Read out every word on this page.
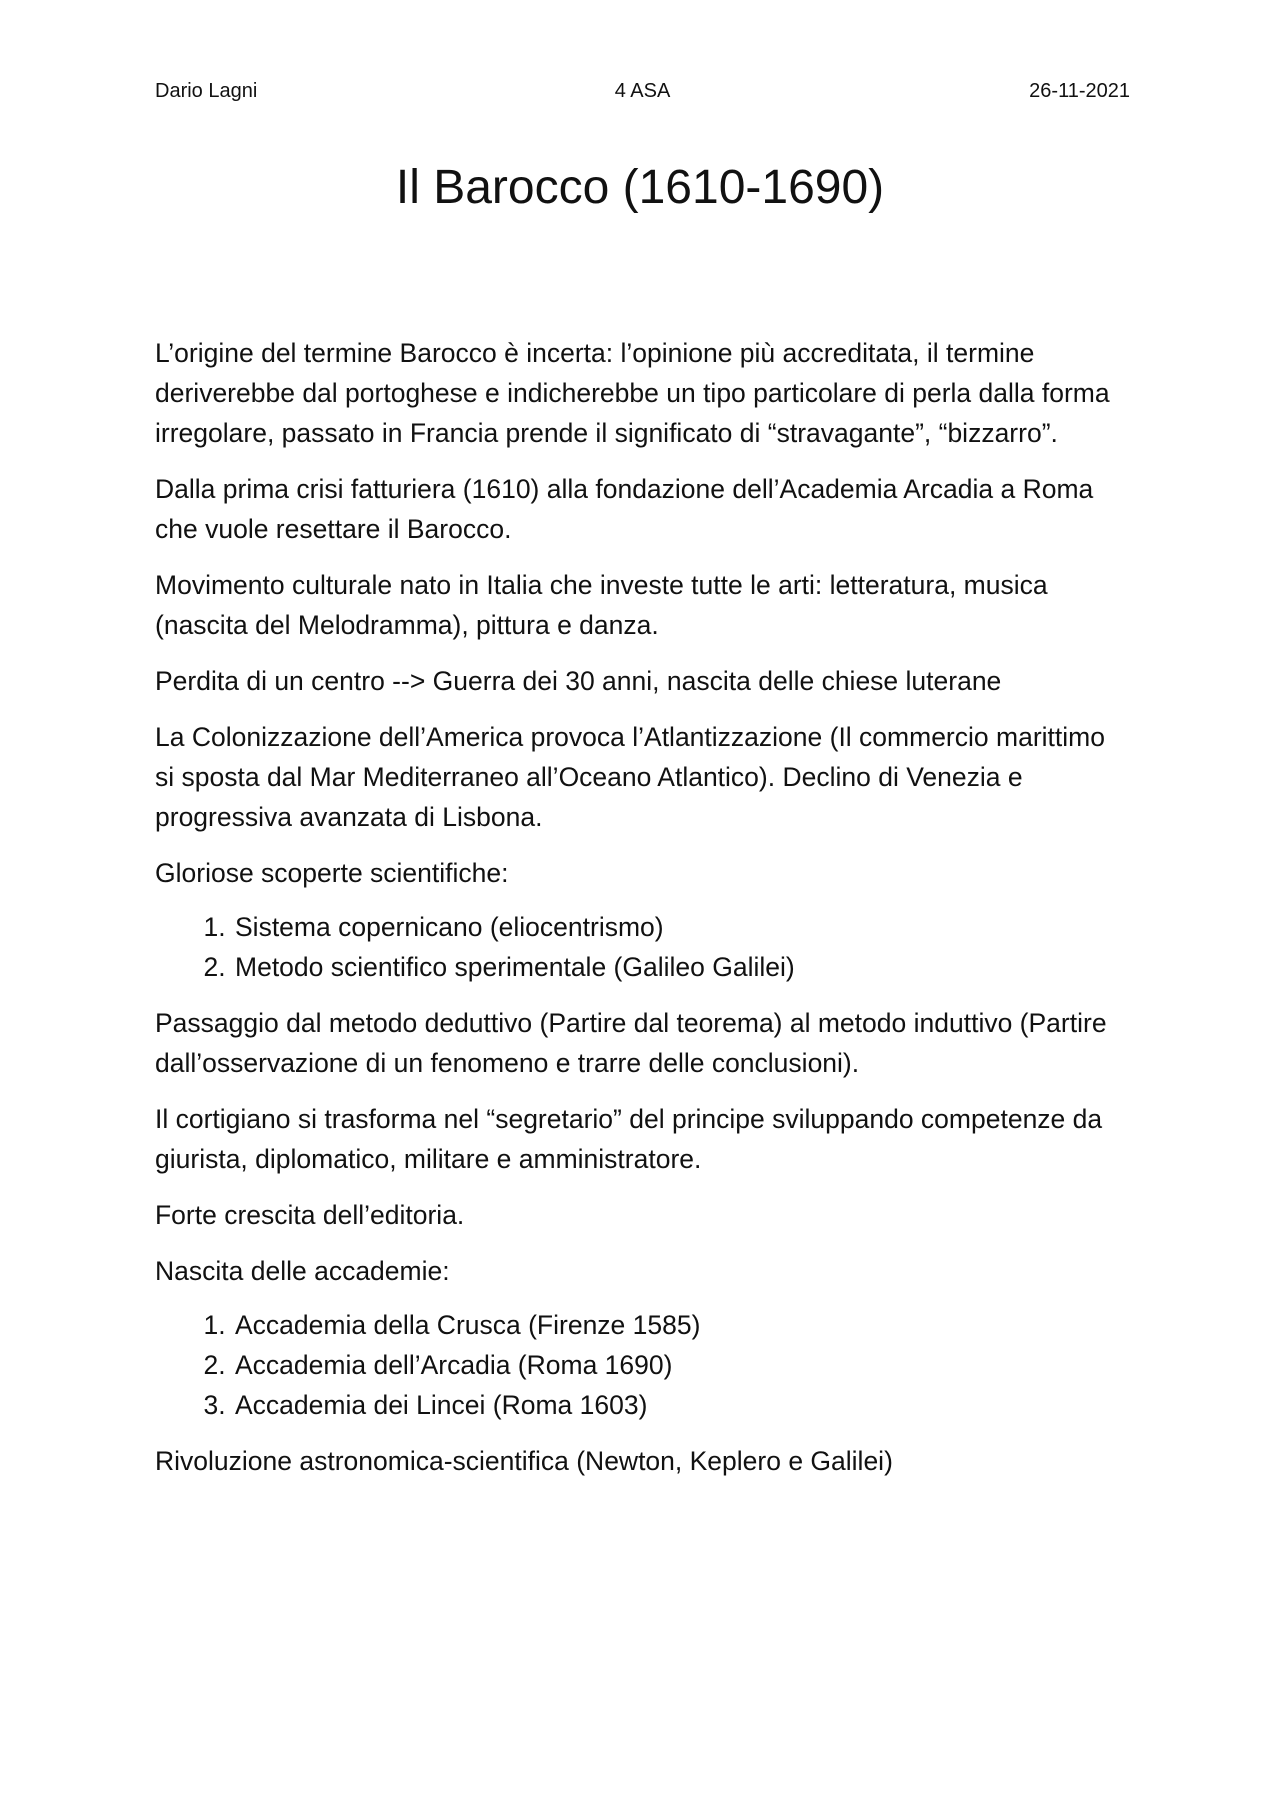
Dario Lagni	4 ASA	26-11-2021
Il Barocco (1610-1690)

L’origine del termine Barocco è incerta: l’opinione più accreditata, il termine deriverebbe dal portoghese e indicherebbe un tipo particolare di perla dalla forma irregolare, passato in Francia prende il significato di “stravagante”, “bizzarro”.

Dalla prima crisi fatturiera (1610) alla fondazione dell’Academia Arcadia a Roma che vuole resettare il Barocco.

Movimento culturale nato in Italia che investe tutte le arti: letteratura, musica (nascita del Melodramma), pittura e danza.

Perdita di un centro --> Guerra dei 30 anni, nascita delle chiese luterane

La Colonizzazione dell’America provoca l’Atlantizzazione (Il commercio marittimo si sposta dal Mar Mediterraneo all’Oceano Atlantico). Declino di Venezia e progressiva avanzata di Lisbona.

Gloriose scoperte scientifiche:

1. Sistema copernicano (eliocentrismo)
2. Metodo scientifico sperimentale (Galileo Galilei)

Passaggio dal metodo deduttivo (Partire dal teorema) al metodo induttivo (Partire dall’osservazione di un fenomeno e trarre delle conclusioni).

Il cortigiano si trasforma nel “segretario” del principe sviluppando competenze da giurista, diplomatico, militare e amministratore.

Forte crescita dell’editoria.

Nascita delle accademie:

1. Accademia della Crusca (Firenze 1585)
2. Accademia dell’Arcadia (Roma 1690)
3. Accademia dei Lincei (Roma 1603)

Rivoluzione astronomica-scientifica (Newton, Keplero e Galilei)
